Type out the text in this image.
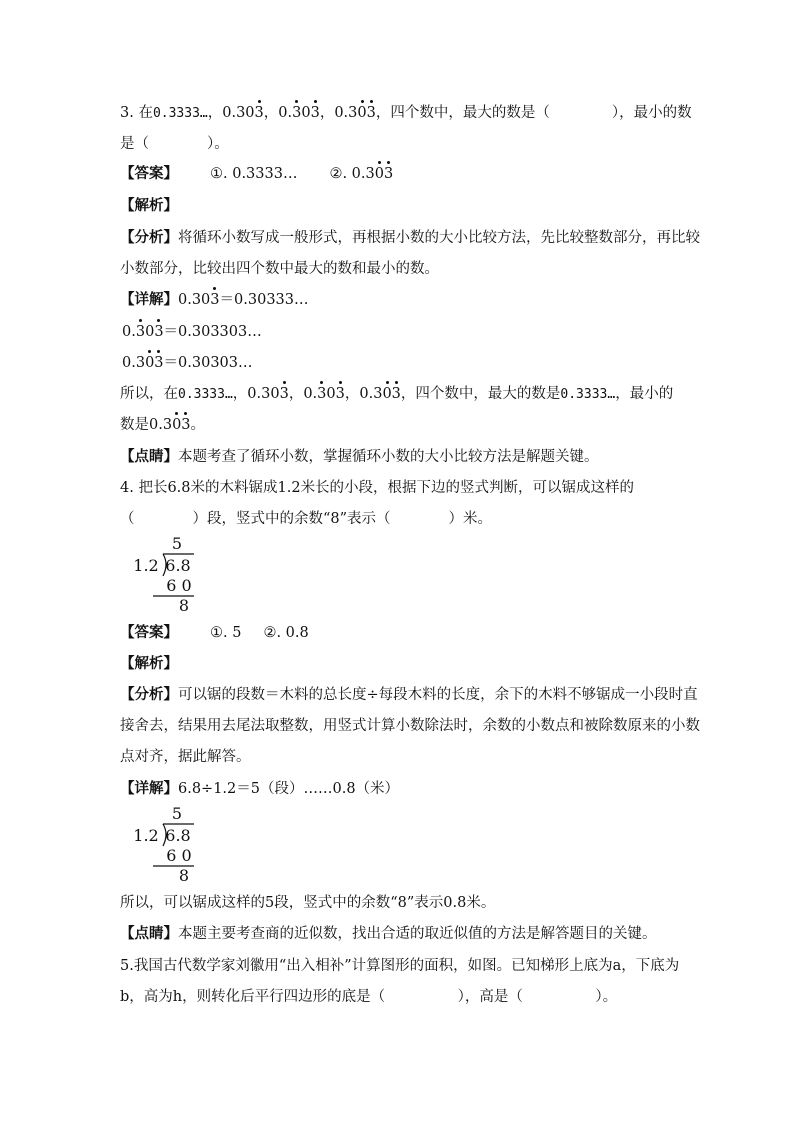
3. 在0.3333…，0.303，0.303，0.303，四个数中，最大的数是（	），最小的数
是（　　　　）。
【答案】 ①. 0.3333… ②. 0.303
【解析】
【分析】将循环小数写成一般形式，再根据小数的大小比较方法，先比较整数部分，再比较
小数部分，比较出四个数中最大的数和最小的数。
【详解】0.303＝0.30333…
0.303＝0.303303…
0.303＝0.30303…
所以，在0.3333…，0.303，0.303，0.303，四个数中，最大的数是0.3333…，最小的
数是0.303。
【点睛】本题考查了循环小数，掌握循环小数的大小比较方法是解题关键。
4. 把长6.8米的木料锯成1.2米长的小段，根据下边的竖式判断，可以锯成这样的
（　　　　）段，竖式中的余数“8”表示（　　　　）米。
5
1.2 6.8
6 0
8
【答案】 ①. 5 ②. 0.8
【解析】
【分析】可以锯的段数＝木料的总长度÷每段木料的长度，余下的木料不够锯成一小段时直
接舍去，结果用去尾法取整数，用竖式计算小数除法时，余数的小数点和被除数原来的小数
点对齐，据此解答。
【详解】6.8÷1.2＝5（段）……0.8（米）
5
1.2 6.8
6 0
8
所以，可以锯成这样的5段，竖式中的余数“8”表示0.8米。
【点睛】本题主要考查商的近似数，找出合适的取近似值的方法是解答题目的关键。
5.我国古代数学家刘徽用“出入相补”计算图形的面积，如图。已知梯形上底为a，下底为
b，高为h，则转化后平行四边形的底是（　　　　　），高是（　　　　　）。
